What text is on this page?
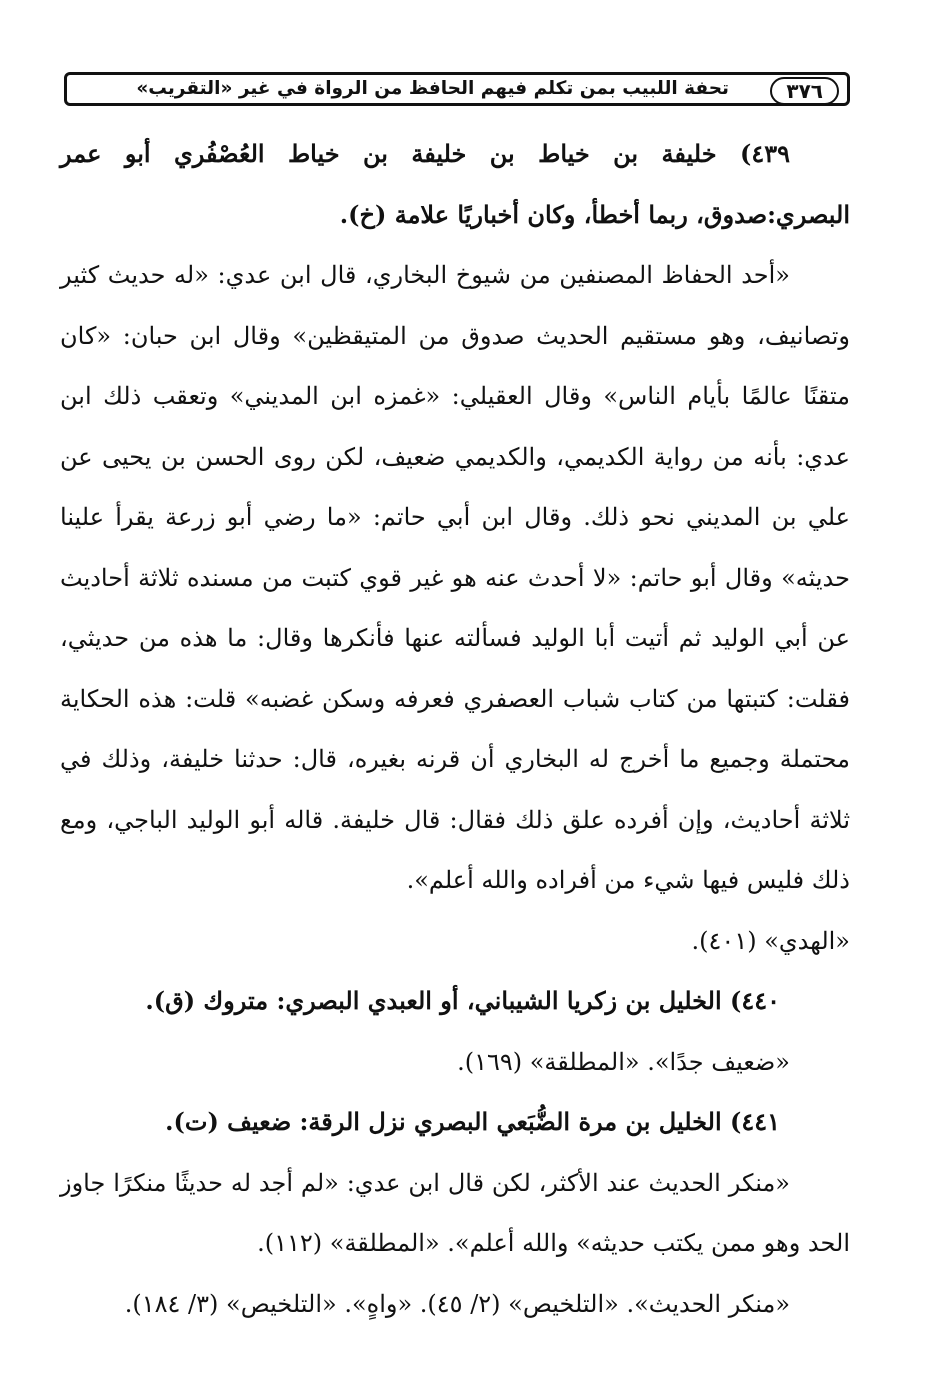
٣٧٦
تحفة اللبيب بمن تكلم فيهم الحافظ من الرواة في غير «التقريب»

٤٣٩) خليفة بن خياط بن خليفة بن خياط العُصْفُري أبو عمر البصري:صدوق، ربما أخطأ، وكان أخباريًا علامة (خ).

«أحد الحفاظ المصنفين من شيوخ البخاري، قال ابن عدي: «له حديث كثير وتصانيف، وهو مستقيم الحديث صدوق من المتيقظين» وقال ابن حبان: «كان متقنًا عالمًا بأيام الناس» وقال العقيلي: «غمزه ابن المديني» وتعقب ذلك ابن عدي: بأنه من رواية الكديمي، والكديمي ضعيف، لكن روى الحسن بن يحيى عن علي بن المديني نحو ذلك. وقال ابن أبي حاتم: «ما رضي أبو زرعة يقرأ علينا حديثه» وقال أبو حاتم: «لا أحدث عنه هو غير قوي كتبت من مسنده ثلاثة أحاديث عن أبي الوليد ثم أتيت أبا الوليد فسألته عنها فأنكرها وقال: ما هذه من حديثي، فقلت: كتبتها من كتاب شباب العصفري فعرفه وسكن غضبه» قلت: هذه الحكاية محتملة وجميع ما أخرج له البخاري أن قرنه بغيره، قال: حدثنا خليفة، وذلك في ثلاثة أحاديث، وإن أفرده علق ذلك فقال: قال خليفة. قاله أبو الوليد الباجي، ومع ذلك فليس فيها شيء من أفراده والله أعلم».

«الهدي» (٤٠١).

٤٤٠) الخليل بن زكريا الشيباني، أو العبدي البصري: متروك (ق).

«ضعيف جدًا». «المطلقة» (١٦٩).

٤٤١) الخليل بن مرة الضُّبَعي البصري نزل الرقة: ضعيف (ت).

«منكر الحديث عند الأكثر، لكن قال ابن عدي: «لم أجد له حديثًا منكرًا جاوز الحد وهو ممن يكتب حديثه» والله أعلم». «المطلقة» (١١٢).

«منكر الحديث». «التلخيص» (٢/ ٤٥). «واهٍ». «التلخيص» (٣/ ١٨٤).
